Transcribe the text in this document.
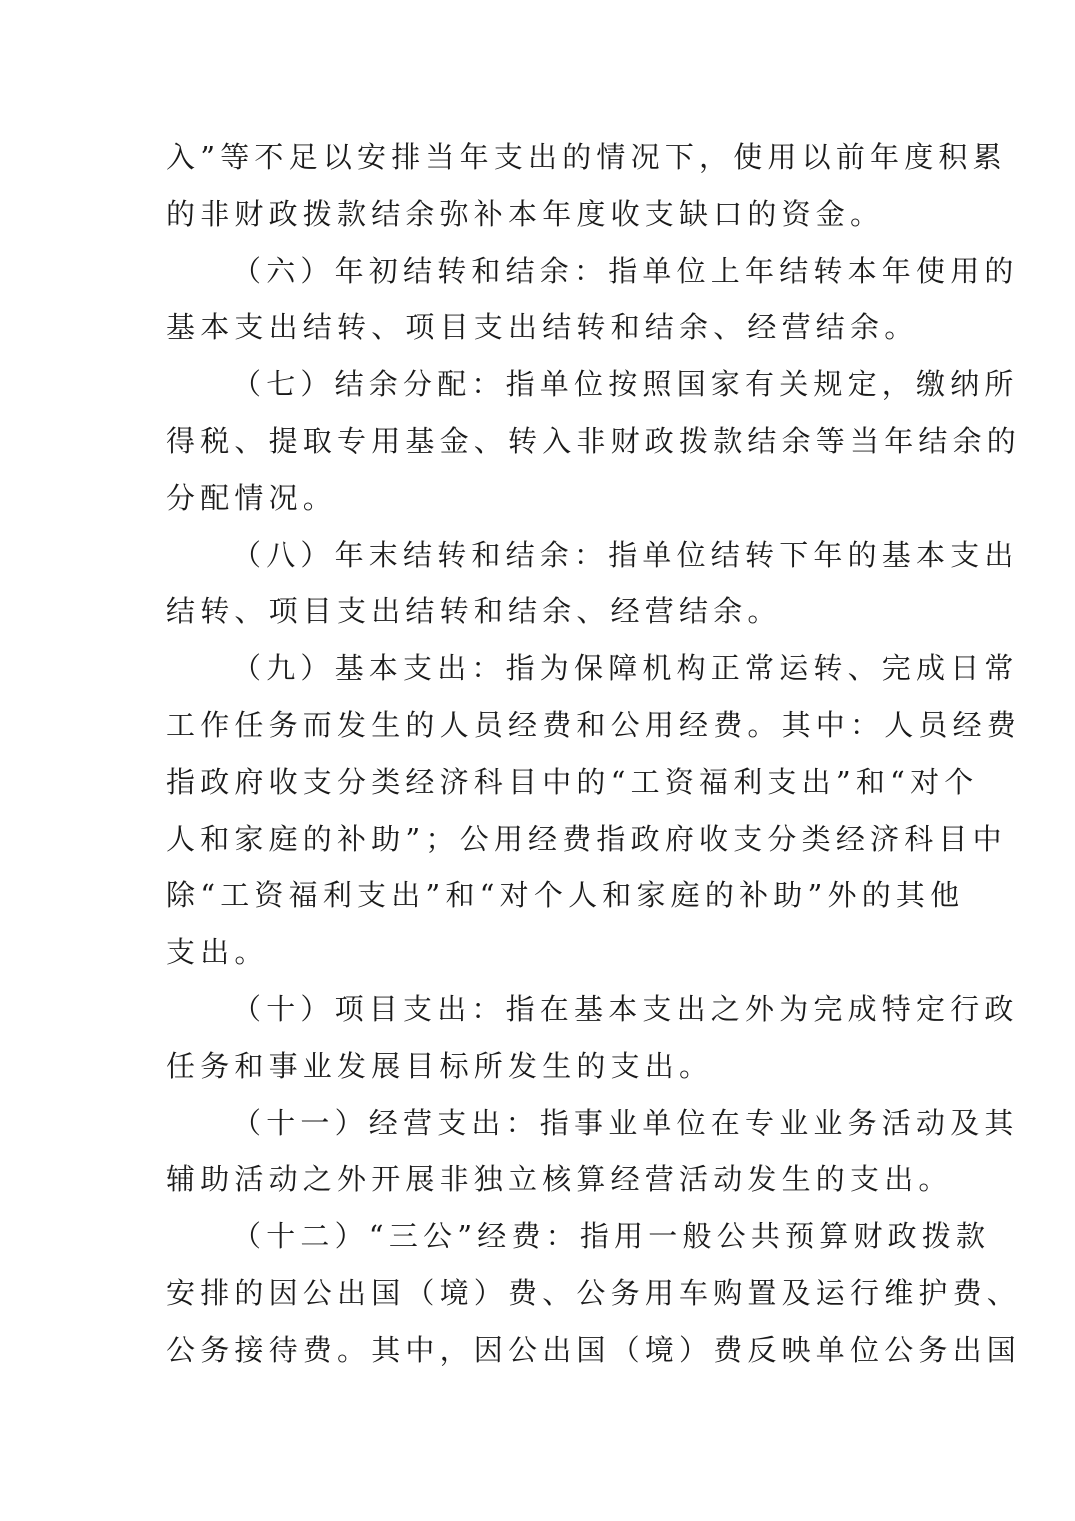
入”等不足以安排当年支出的情况下，使用以前年度积累
的非财政拨款结余弥补本年度收支缺口的资金。
（六）年初结转和结余：指单位上年结转本年使用的
基本支出结转、项目支出结转和结余、经营结余。
（七）结余分配：指单位按照国家有关规定，缴纳所
得税、提取专用基金、转入非财政拨款结余等当年结余的
分配情况。
（八）年末结转和结余：指单位结转下年的基本支出
结转、项目支出结转和结余、经营结余。
（九）基本支出：指为保障机构正常运转、完成日常
工作任务而发生的人员经费和公用经费。其中：人员经费
指政府收支分类经济科目中的“工资福利支出”和“对个
人和家庭的补助”；公用经费指政府收支分类经济科目中
除“工资福利支出”和“对个人和家庭的补助”外的其他
支出。
（十）项目支出：指在基本支出之外为完成特定行政
任务和事业发展目标所发生的支出。
（十一）经营支出：指事业单位在专业业务活动及其
辅助活动之外开展非独立核算经营活动发生的支出。
（十二）“三公”经费：指用一般公共预算财政拨款
安排的因公出国（境）费、公务用车购置及运行维护费、
公务接待费。其中，因公出国（境）费反映单位公务出国
